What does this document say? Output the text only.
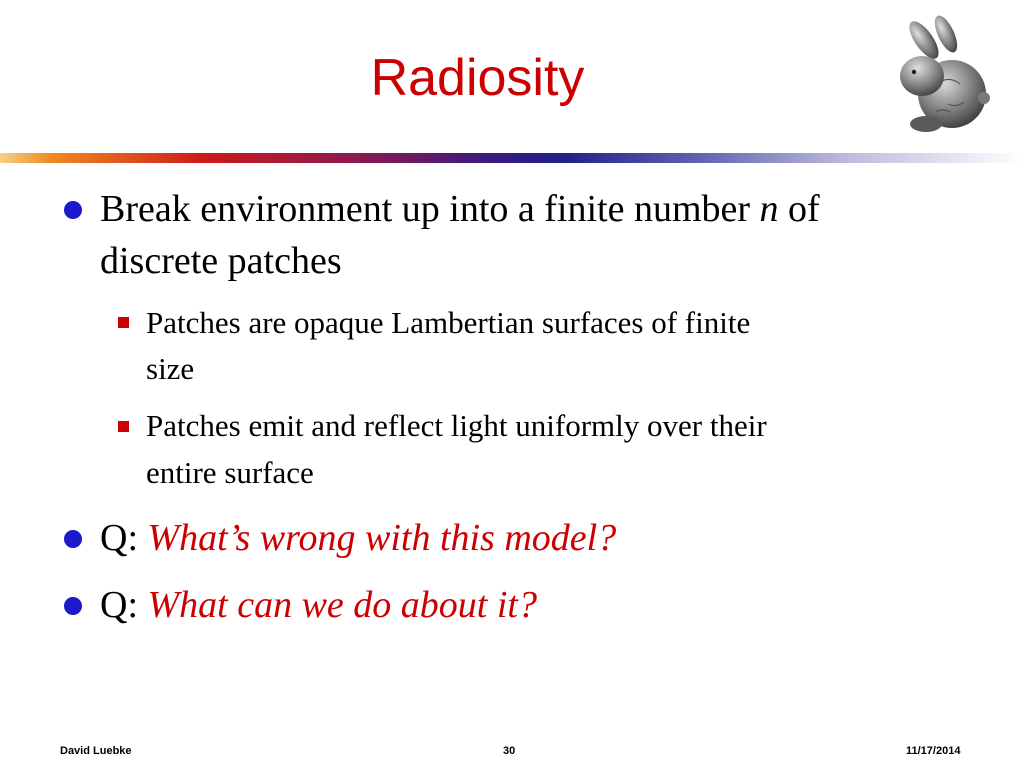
Radiosity
Break environment up into a finite number n of
discrete patches
Patches are opaque Lambertian surfaces of finite
size
Patches emit and reflect light uniformly over their
entire surface
Q: What’s wrong with this model?
Q: What can we do about it?
David Luebke	30	11/17/2014
